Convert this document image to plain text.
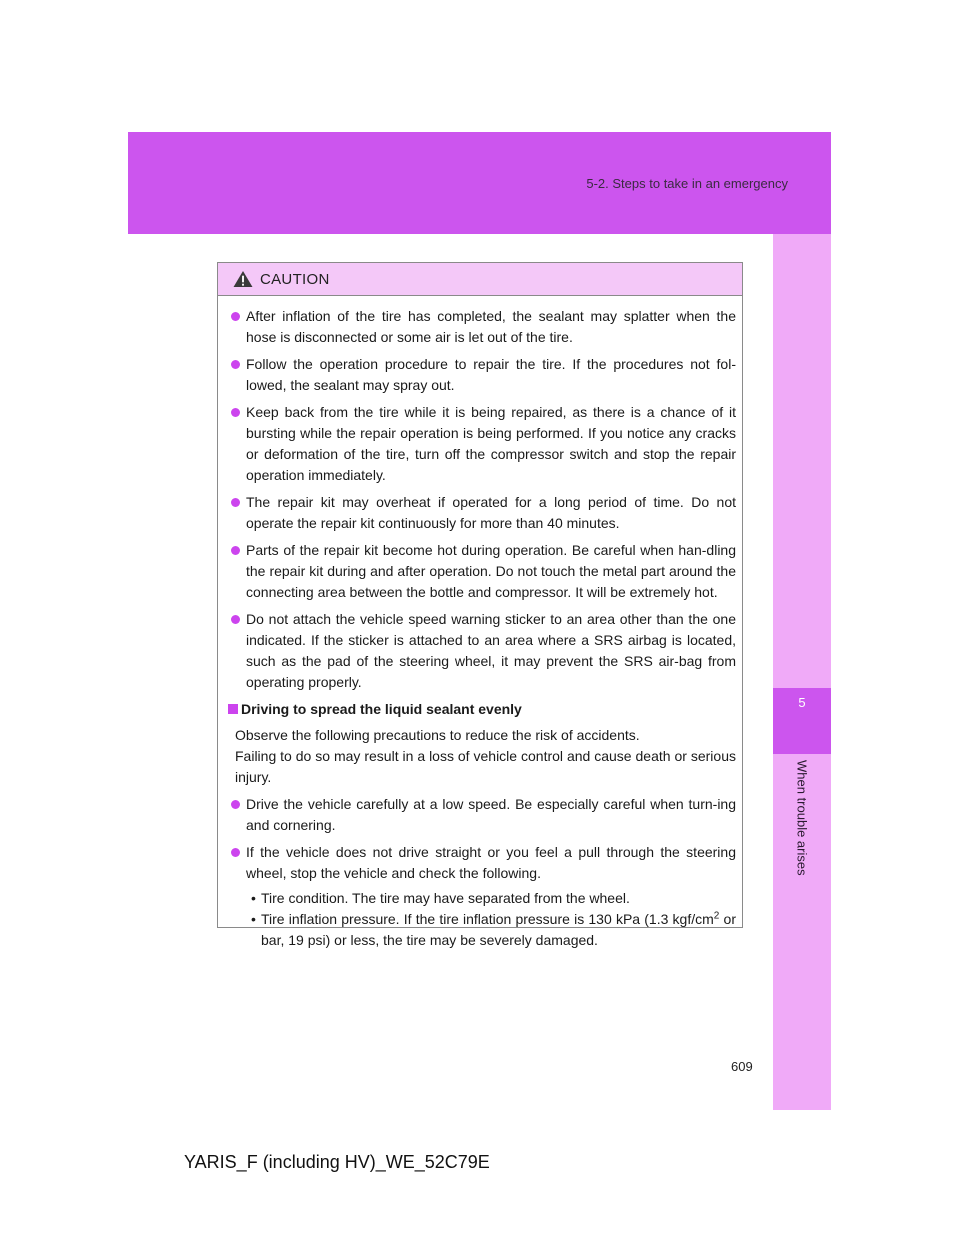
5-2. Steps to take in an emergency
5
When trouble arises
CAUTION
After inflation of the tire has completed, the sealant may splatter when the hose is disconnected or some air is let out of the tire.
Follow the operation procedure to repair the tire. If the procedures not fol-lowed, the sealant may spray out.
Keep back from the tire while it is being repaired, as there is a chance of it bursting while the repair operation is being performed. If you notice any cracks or deformation of the tire, turn off the compressor switch and stop the repair operation immediately.
The repair kit may overheat if operated for a long period of time. Do not operate the repair kit continuously for more than 40 minutes.
Parts of the repair kit become hot during operation. Be careful when han-dling the repair kit during and after operation. Do not touch the metal part around the connecting area between the bottle and compressor. It will be extremely hot.
Do not attach the vehicle speed warning sticker to an area other than the one indicated. If the sticker is attached to an area where a SRS airbag is located, such as the pad of the steering wheel, it may prevent the SRS air-bag from operating properly.
Driving to spread the liquid sealant evenly
Observe the following precautions to reduce the risk of accidents.
Failing to do so may result in a loss of vehicle control and cause death or serious injury.
Drive the vehicle carefully at a low speed. Be especially careful when turn-ing and cornering.
If the vehicle does not drive straight or you feel a pull through the steering wheel, stop the vehicle and check the following.
• Tire condition. The tire may have separated from the wheel.
• Tire inflation pressure. If the tire inflation pressure is 130 kPa (1.3 kgf/$cm^2$ or bar, 19 psi) or less, the tire may be severely damaged.
609
YARIS_F (including HV)_WE_52C79E
